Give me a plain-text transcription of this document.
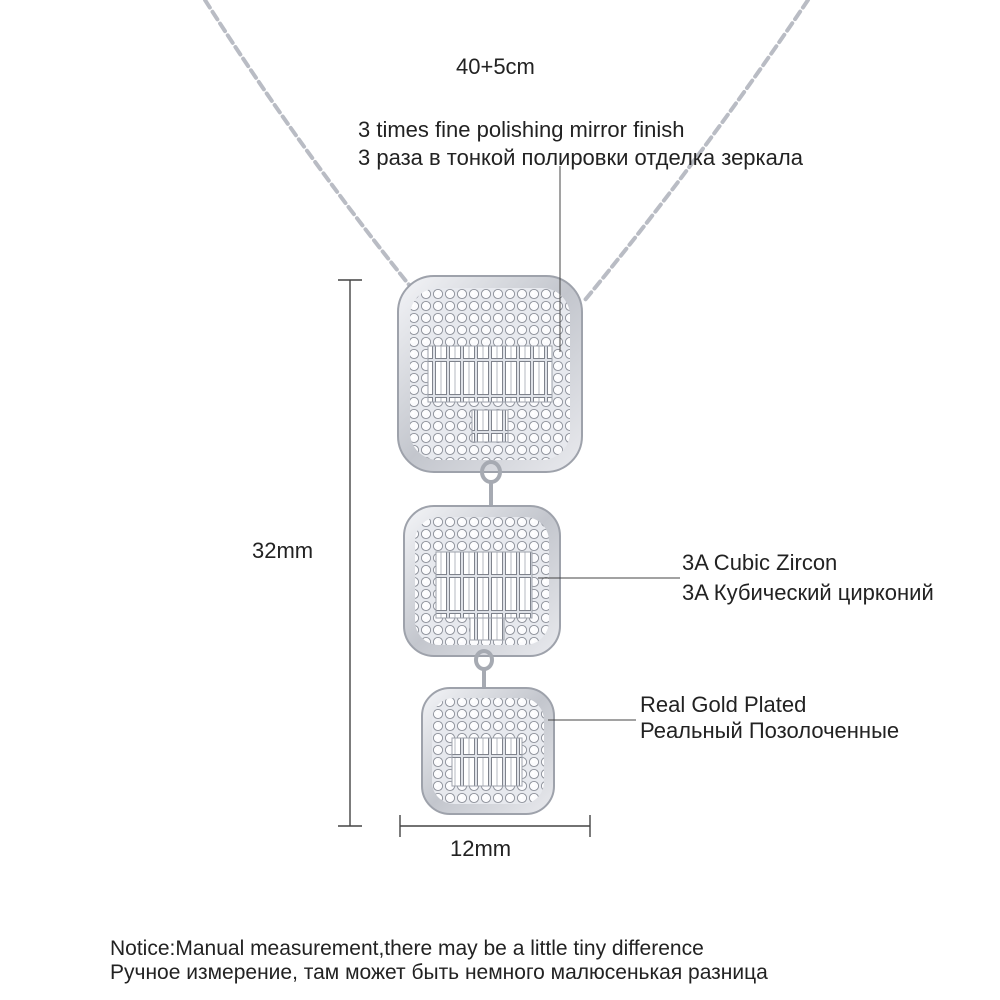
40+5cm
3 times fine polishing mirror finish
3 раза в тонкой полировки отделка зеркала
32mm
12mm
3A Cubic Zircon
3A Кубический цирконий
Real Gold Plated
Реальный Позолоченные
Notice:Manual measurement,there may be a little tiny difference
Ручное измерение, там может быть немного малюсенькая разница
